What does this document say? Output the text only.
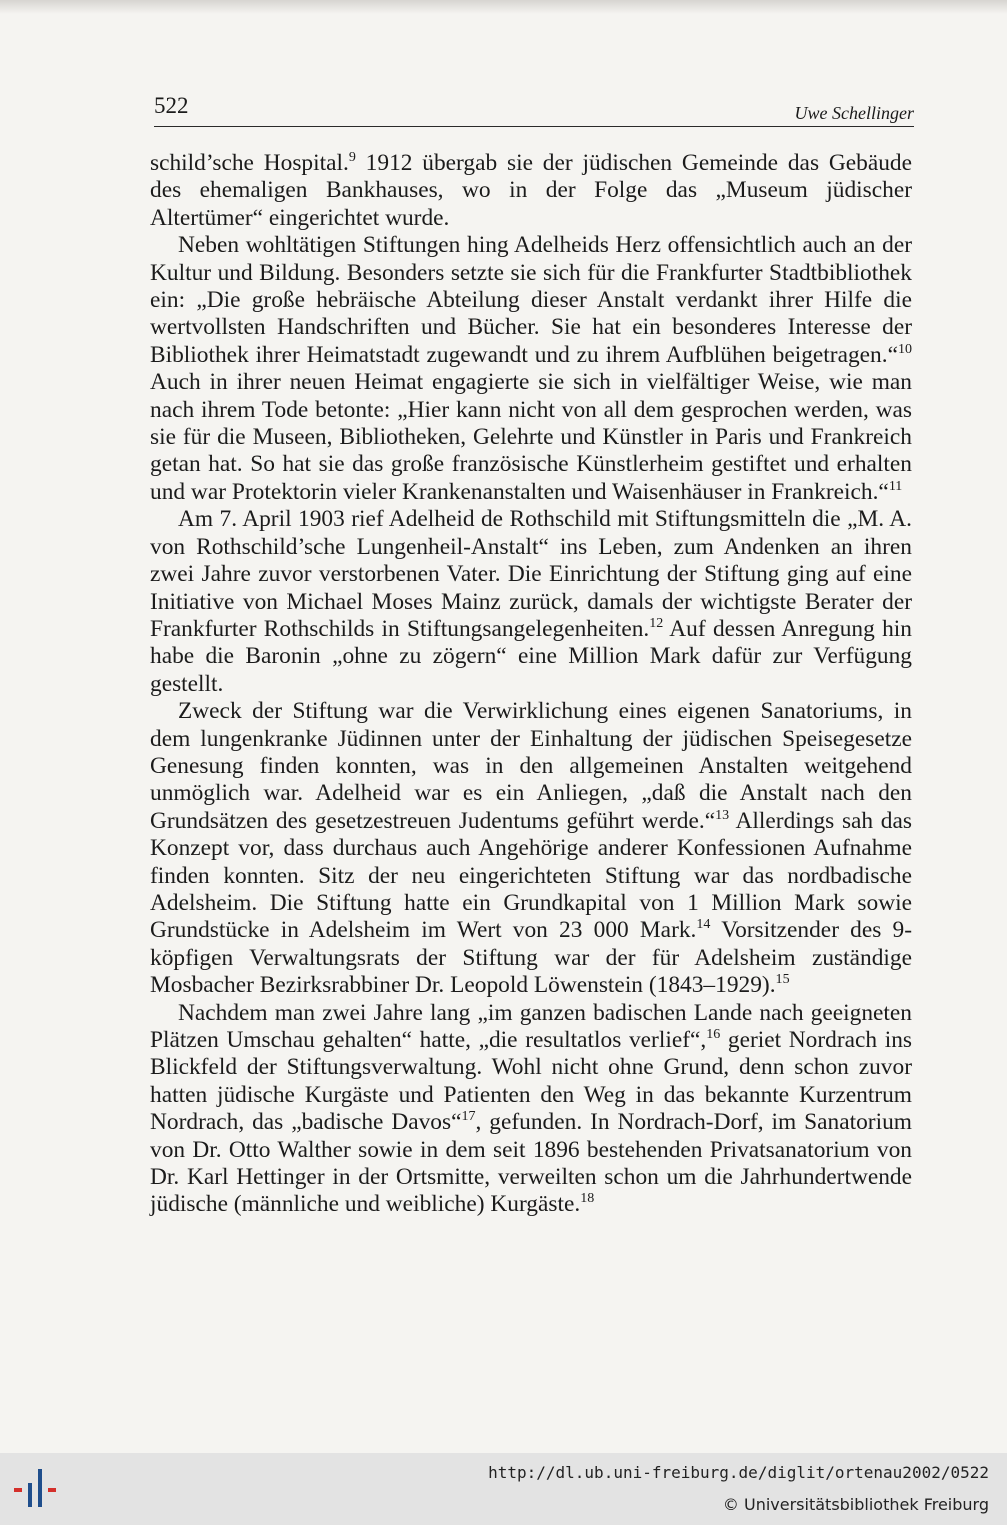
522	Uwe Schellinger

schild’sche Hospital.$^9$ 1912 übergab sie der jüdischen Gemeinde das Gebäude des ehemaligen Bankhauses, wo in der Folge das „Museum jüdischer Altertümer“ eingerichtet wurde.

Neben wohltätigen Stiftungen hing Adelheids Herz offensichtlich auch an der Kultur und Bildung. Besonders setzte sie sich für die Frankfurter Stadtbibliothek ein: „Die große hebräische Abteilung dieser Anstalt verdankt ihrer Hilfe die wertvollsten Handschriften und Bücher. Sie hat ein besonderes Interesse der Bibliothek ihrer Heimatstadt zugewandt und zu ihrem Aufblühen beigetragen.“$^{10}$ Auch in ihrer neuen Heimat engagierte sie sich in vielfältiger Weise, wie man nach ihrem Tode betonte: „Hier kann nicht von all dem gesprochen werden, was sie für die Museen, Bibliotheken, Gelehrte und Künstler in Paris und Frankreich getan hat. So hat sie das große französische Künstlerheim gestiftet und erhalten und war Protektorin vieler Krankenanstalten und Waisenhäuser in Frankreich.“$^{11}$

Am 7. April 1903 rief Adelheid de Rothschild mit Stiftungsmitteln die „M. A. von Rothschild’sche Lungenheil-Anstalt“ ins Leben, zum Andenken an ihren zwei Jahre zuvor verstorbenen Vater. Die Einrichtung der Stiftung ging auf eine Initiative von Michael Moses Mainz zurück, damals der wichtigste Berater der Frankfurter Rothschilds in Stiftungsangelegenheiten.$^{12}$ Auf dessen Anregung hin habe die Baronin „ohne zu zögern“ eine Million Mark dafür zur Verfügung gestellt.

Zweck der Stiftung war die Verwirklichung eines eigenen Sanatoriums, in dem lungenkranke Jüdinnen unter der Einhaltung der jüdischen Speisegesetze Genesung finden konnten, was in den allgemeinen Anstalten weitgehend unmöglich war. Adelheid war es ein Anliegen, „daß die Anstalt nach den Grundsätzen des gesetzestreuen Judentums geführt werde.“$^{13}$ Allerdings sah das Konzept vor, dass durchaus auch Angehörige anderer Konfessionen Aufnahme finden konnten. Sitz der neu eingerichteten Stiftung war das nordbadische Adelsheim. Die Stiftung hatte ein Grundkapital von 1 Million Mark sowie Grundstücke in Adelsheim im Wert von 23 000 Mark.$^{14}$ Vorsitzender des 9-köpfigen Verwaltungsrats der Stiftung war der für Adelsheim zuständige Mosbacher Bezirksrabbiner Dr. Leopold Löwenstein (1843–1929).$^{15}$

Nachdem man zwei Jahre lang „im ganzen badischen Lande nach geeigneten Plätzen Umschau gehalten“ hatte, „die resultatlos verlief“,$^{16}$ geriet Nordrach ins Blickfeld der Stiftungsverwaltung. Wohl nicht ohne Grund, denn schon zuvor hatten jüdische Kurgäste und Patienten den Weg in das bekannte Kurzentrum Nordrach, das „badische Davos“$^{17}$, gefunden. In Nordrach-Dorf, im Sanatorium von Dr. Otto Walther sowie in dem seit 1896 bestehenden Privatsanatorium von Dr. Karl Hettinger in der Ortsmitte, verweilten schon um die Jahrhundertwende jüdische (männliche und weibliche) Kurgäste.$^{18}$

http://dl.ub.uni-freiburg.de/diglit/ortenau2002/0522
© Universitätsbibliothek Freiburg
